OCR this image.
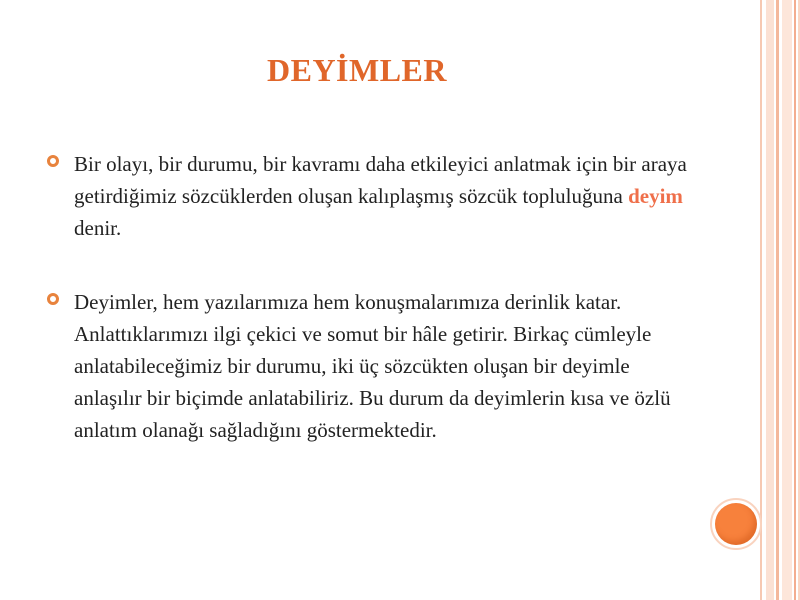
DEYİMLER
Bir olayı, bir durumu, bir kavramı daha etkileyici anlatmak için bir araya getirdiğimiz sözcüklerden oluşan kalıplaşmış sözcük topluluğuna deyim denir.
Deyimler, hem yazılarımıza hem konuşmalarımıza derinlik katar. Anlattıklarımızı ilgi çekici ve somut bir hâle getirir. Birkaç cümleyle anlatabileceğimiz bir durumu, iki üç sözcükten oluşan bir deyimle anlaşılır bir biçimde anlatabiliriz. Bu durum da deyimlerin kısa ve özlü anlatım olanağı sağladığını göstermektedir.
